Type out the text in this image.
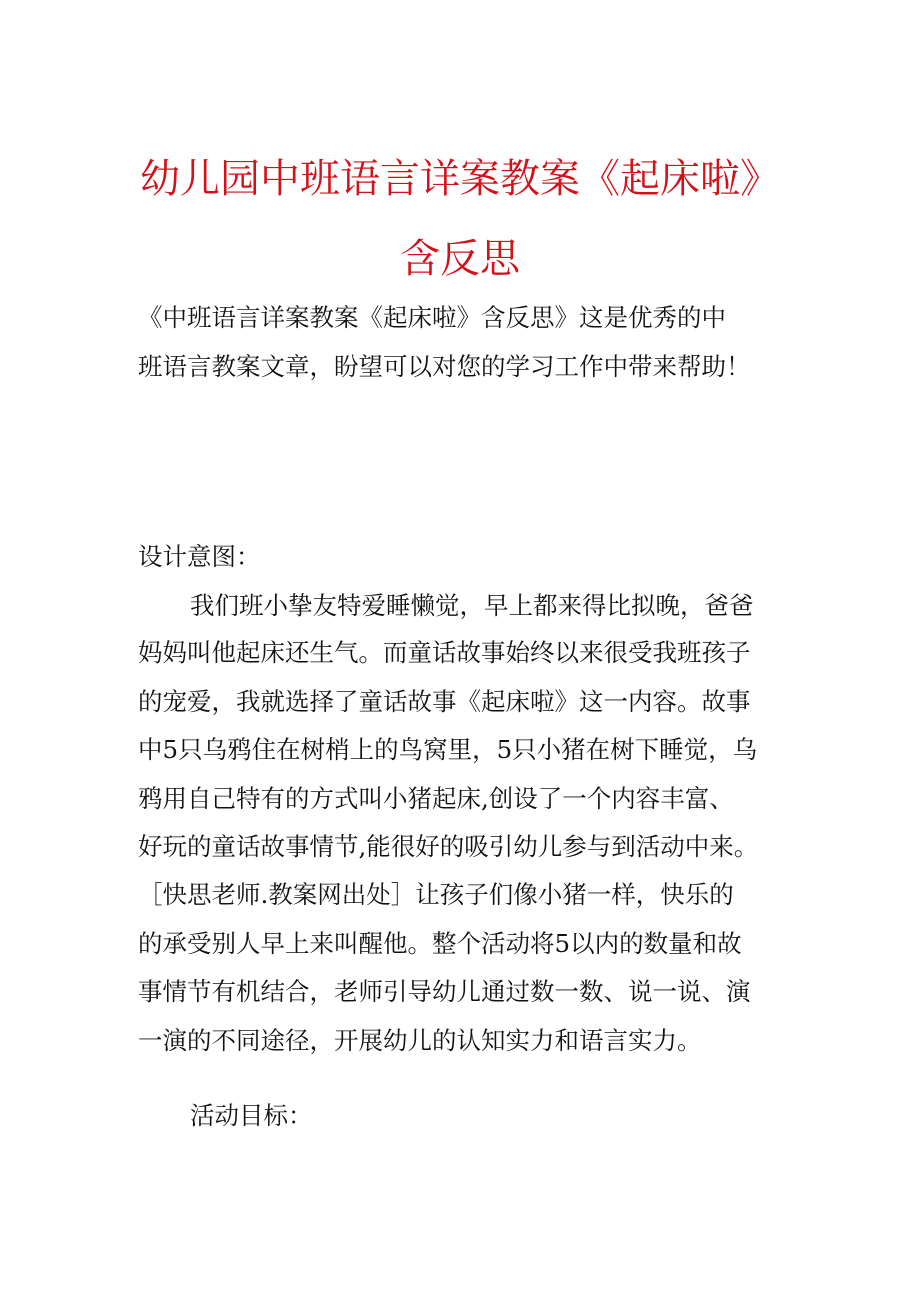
幼儿园中班语言详案教案《起床啦》
含反思
《中班语言详案教案《起床啦》含反思》这是优秀的中
班语言教案文章，盼望可以对您的学习工作中带来帮助！
设计意图：
我们班小挚友特爱睡懒觉，早上都来得比拟晚，爸爸
妈妈叫他起床还生气。而童话故事始终以来很受我班孩子
的宠爱，我就选择了童话故事《起床啦》这一内容。故事
中5只乌鸦住在树梢上的鸟窝里，5只小猪在树下睡觉，乌
鸦用自己特有的方式叫小猪起床,创设了一个内容丰富、
好玩的童话故事情节,能很好的吸引幼儿参与到活动中来。
［快思老师.教案网出处］让孩子们像小猪一样，快乐的
的承受别人早上来叫醒他。整个活动将5以内的数量和故
事情节有机结合，老师引导幼儿通过数一数、说一说、演
一演的不同途径，开展幼儿的认知实力和语言实力。
活动目标：
